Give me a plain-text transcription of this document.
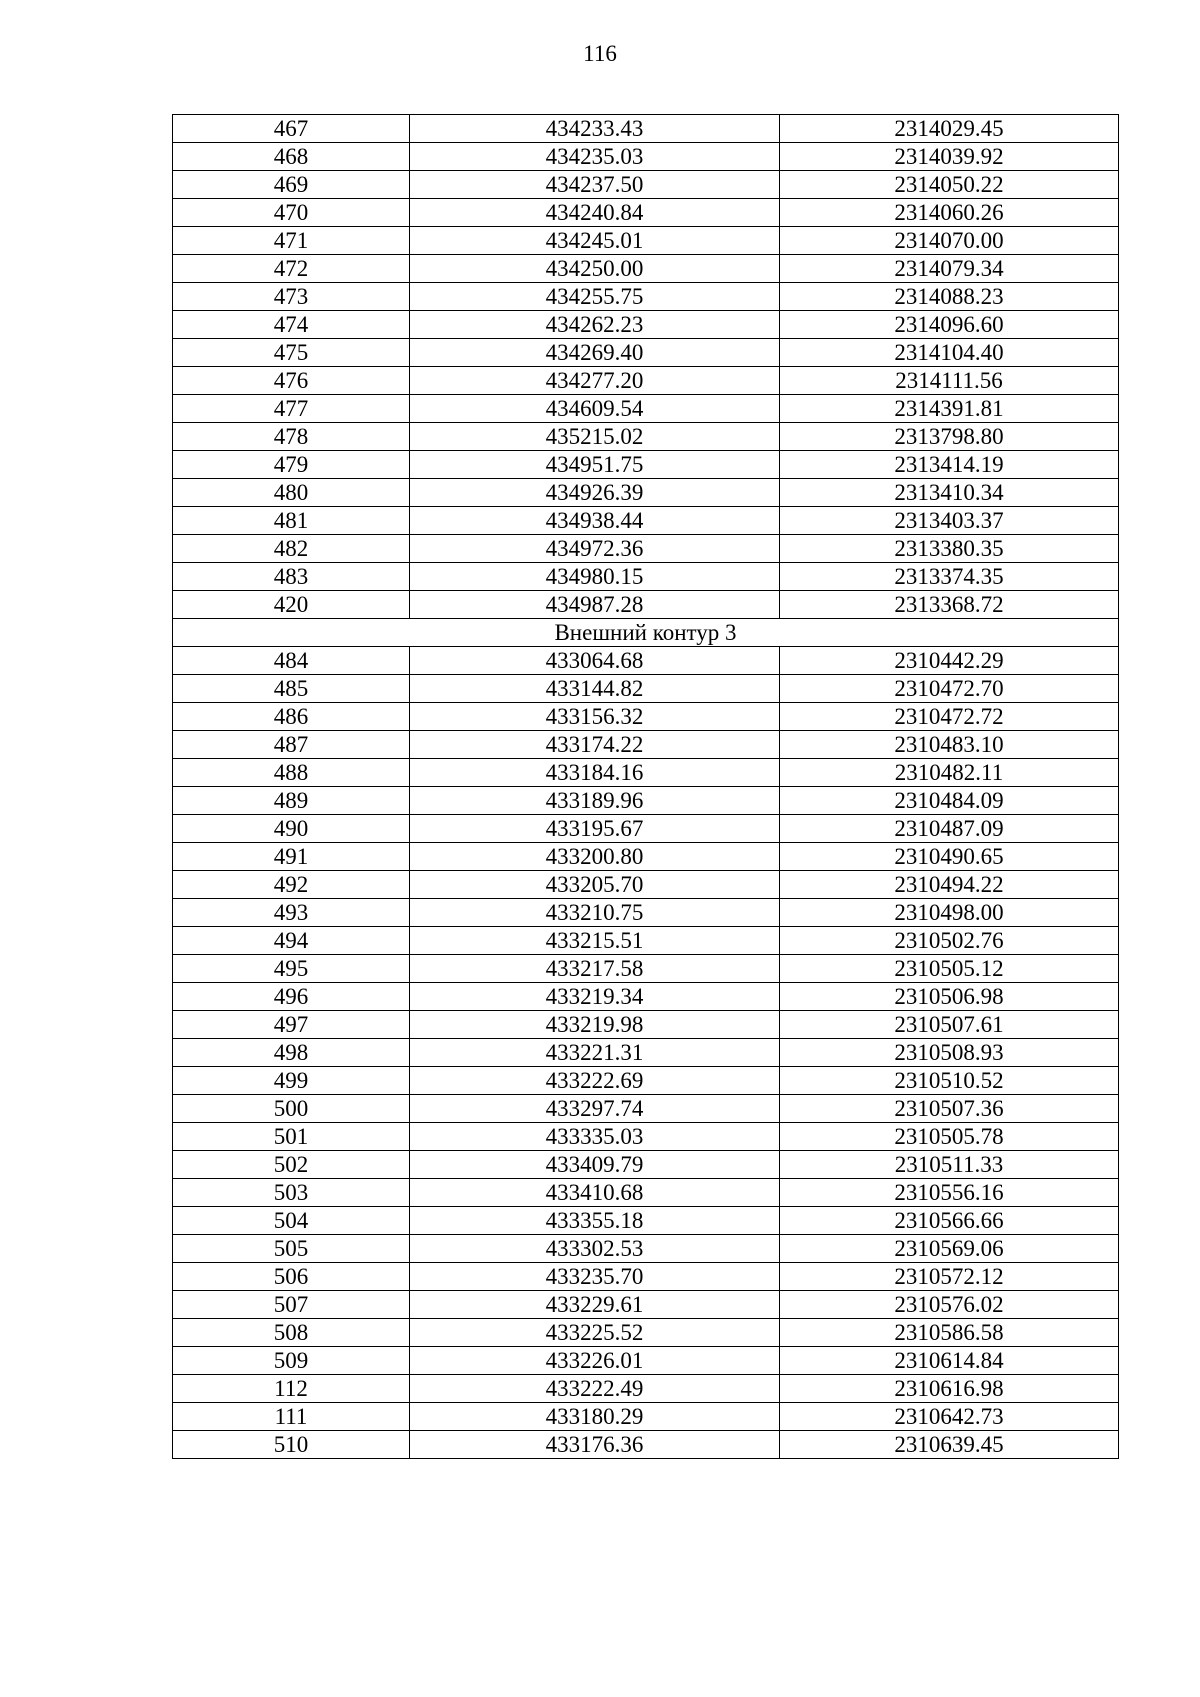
116
467	434233.43	2314029.45
468	434235.03	2314039.92
469	434237.50	2314050.22
470	434240.84	2314060.26
471	434245.01	2314070.00
472	434250.00	2314079.34
473	434255.75	2314088.23
474	434262.23	2314096.60
475	434269.40	2314104.40
476	434277.20	2314111.56
477	434609.54	2314391.81
478	435215.02	2313798.80
479	434951.75	2313414.19
480	434926.39	2313410.34
481	434938.44	2313403.37
482	434972.36	2313380.35
483	434980.15	2313374.35
420	434987.28	2313368.72
Внешний контур 3		
484	433064.68	2310442.29
485	433144.82	2310472.70
486	433156.32	2310472.72
487	433174.22	2310483.10
488	433184.16	2310482.11
489	433189.96	2310484.09
490	433195.67	2310487.09
491	433200.80	2310490.65
492	433205.70	2310494.22
493	433210.75	2310498.00
494	433215.51	2310502.76
495	433217.58	2310505.12
496	433219.34	2310506.98
497	433219.98	2310507.61
498	433221.31	2310508.93
499	433222.69	2310510.52
500	433297.74	2310507.36
501	433335.03	2310505.78
502	433409.79	2310511.33
503	433410.68	2310556.16
504	433355.18	2310566.66
505	433302.53	2310569.06
506	433235.70	2310572.12
507	433229.61	2310576.02
508	433225.52	2310586.58
509	433226.01	2310614.84
112	433222.49	2310616.98
111	433180.29	2310642.73
510	433176.36	2310639.45
